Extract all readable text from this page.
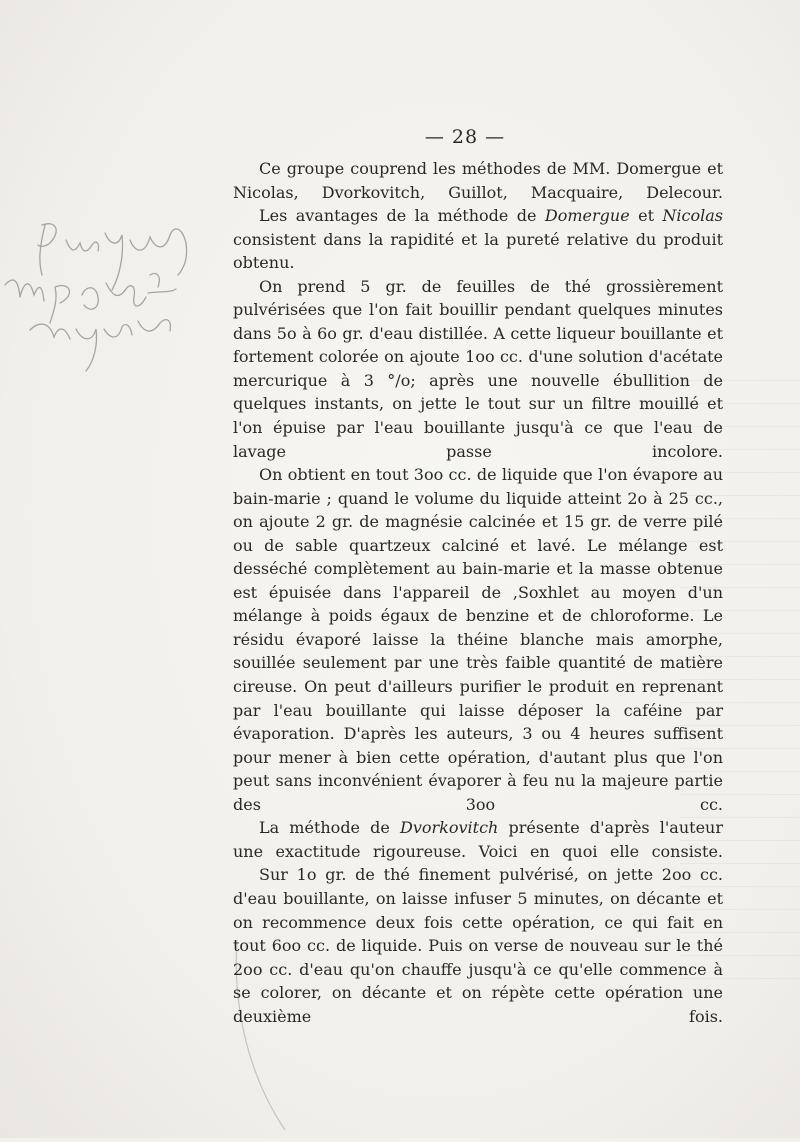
— 28 —

Ce groupe couprend les méthodes de MM. Domergue et Nicolas, Dvorkovitch, Guillot, Macquaire, Delecour.

Les avantages de la méthode de Domergue et Nicolas consistent dans la rapidité et la pureté relative du produit obtenu.

On prend 5 gr. de feuilles de thé grossièrement pulvérisées que l'on fait bouillir pendant quelques minutes dans 5o à 6o gr. d'eau distillée. A cette liqueur bouillante et fortement colorée on ajoute 1oo cc. d'une solution d'acétate mercurique à 3 °/o; après une nouvelle ébullition de quelques instants, on jette le tout sur un filtre mouillé et l'on épuise par l'eau bouillante jusqu'à ce que l'eau de lavage passe incolore.

On obtient en tout 3oo cc. de liquide que l'on évapore au bain-marie ; quand le volume du liquide atteint 2o à 25 cc., on ajoute 2 gr. de magnésie calcinée et 15 gr. de verre pilé ou de sable quartzeux calciné et lavé. Le mélange est desséché complètement au bain-marie et la masse obtenue est épuisée dans l'appareil de ,Soxhlet au moyen d'un mélange à poids égaux de benzine et de chloroforme. Le résidu évaporé laisse la théine blanche mais amorphe, souillée seulement par une très faible quantité de matière cireuse. On peut d'ailleurs purifier le produit en reprenant par l'eau bouillante qui laisse déposer la caféine par évaporation. D'après les auteurs, 3 ou 4 heures suffisent pour mener à bien cette opération, d'autant plus que l'on peut sans inconvénient évaporer à feu nu la majeure partie des 3oo cc.

La méthode de Dvorkovitch présente d'après l'auteur une exactitude rigoureuse. Voici en quoi elle consiste.

Sur 1o gr. de thé finement pulvérisé, on jette 2oo cc. d'eau bouillante, on laisse infuser 5 minutes, on décante et on recommence deux fois cette opération, ce qui fait en tout 6oo cc. de liquide. Puis on verse de nouveau sur le thé 2oo cc. d'eau qu'on chauffe jusqu'à ce qu'elle commence à se colorer, on décante et on répète cette opération une deuxième fois.
